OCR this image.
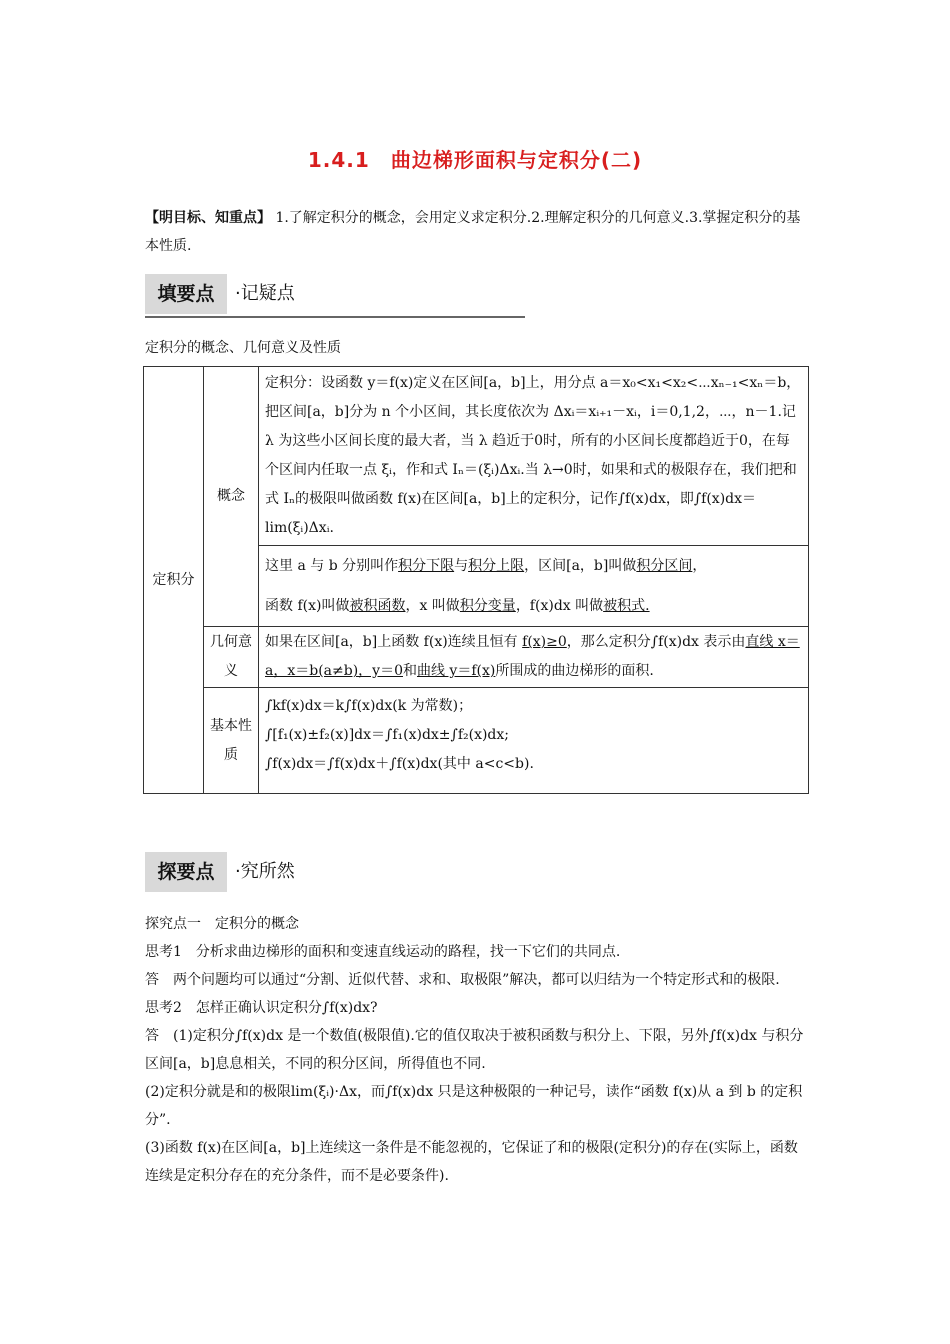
1.4.1　曲边梯形面积与定积分(二)
【明目标、知重点】 1.了解定积分的概念，会用定义求定积分.2.理解定积分的几何意义.3.掌握定积分的基本性质.
填要点	·记疑点
定积分的概念、几何意义及性质
定积分	概念	定积分：设函数 y＝f(x)定义在区间[a，b]上，用分点 a＝x₀<x₁<x₂<⋯xₙ₋₁<xₙ＝b，把区间[a，b]分为 n 个小区间，其长度依次为 Δxᵢ＝xᵢ₊₁－xᵢ，i＝0,1,2，⋯，n－1.记 λ 为这些小区间长度的最大者，当 λ 趋近于0时，所有的小区间长度都趋近于0，在每个区间内任取一点 ξᵢ，作和式 Iₙ＝(ξᵢ)Δxᵢ.当 λ→0时，如果和式的极限存在，我们把和式 Iₙ的极限叫做函数 f(x)在区间[a，b]上的定积分，记作∫f(x)dx，即∫f(x)dx＝lim(ξᵢ)Δxᵢ.
		这里 a 与 b 分别叫作积分下限与积分上限，区间[a，b]叫做积分区间，
函数 f(x)叫做被积函数，x 叫做积分变量，f(x)dx 叫做被积式.
	几何意义	如果在区间[a，b]上函数 f(x)连续且恒有 f(x)≥0，那么定积分∫f(x)dx 表示由直线 x＝a，x＝b(a≠b)，y＝0和曲线 y＝f(x)所围成的曲边梯形的面积.
	基本性质	∫kf(x)dx＝k∫f(x)dx(k 为常数)；
∫[f₁(x)±f₂(x)]dx＝∫f₁(x)dx±∫f₂(x)dx;
∫f(x)dx＝∫f(x)dx＋∫f(x)dx(其中 a<c<b).
探要点	·究所然

探究点一　定积分的概念

思考1　分析求曲边梯形的面积和变速直线运动的路程，找一下它们的共同点.

答　两个问题均可以通过“分割、近似代替、求和、取极限”解决，都可以归结为一个特定形式和的极限.

思考2　怎样正确认识定积分∫f(x)dx?

答　(1)定积分∫f(x)dx 是一个数值(极限值).它的值仅取决于被积函数与积分上、下限，另外∫f(x)dx 与积分区间[a，b]息息相关，不同的积分区间，所得值也不同.

(2)定积分就是和的极限lim(ξᵢ)·Δx，而∫f(x)dx 只是这种极限的一种记号，读作“函数 f(x)从 a 到 b 的定积分”.

(3)函数 f(x)在区间[a，b]上连续这一条件是不能忽视的，它保证了和的极限(定积分)的存在(实际上，函数连续是定积分存在的充分条件，而不是必要条件).
